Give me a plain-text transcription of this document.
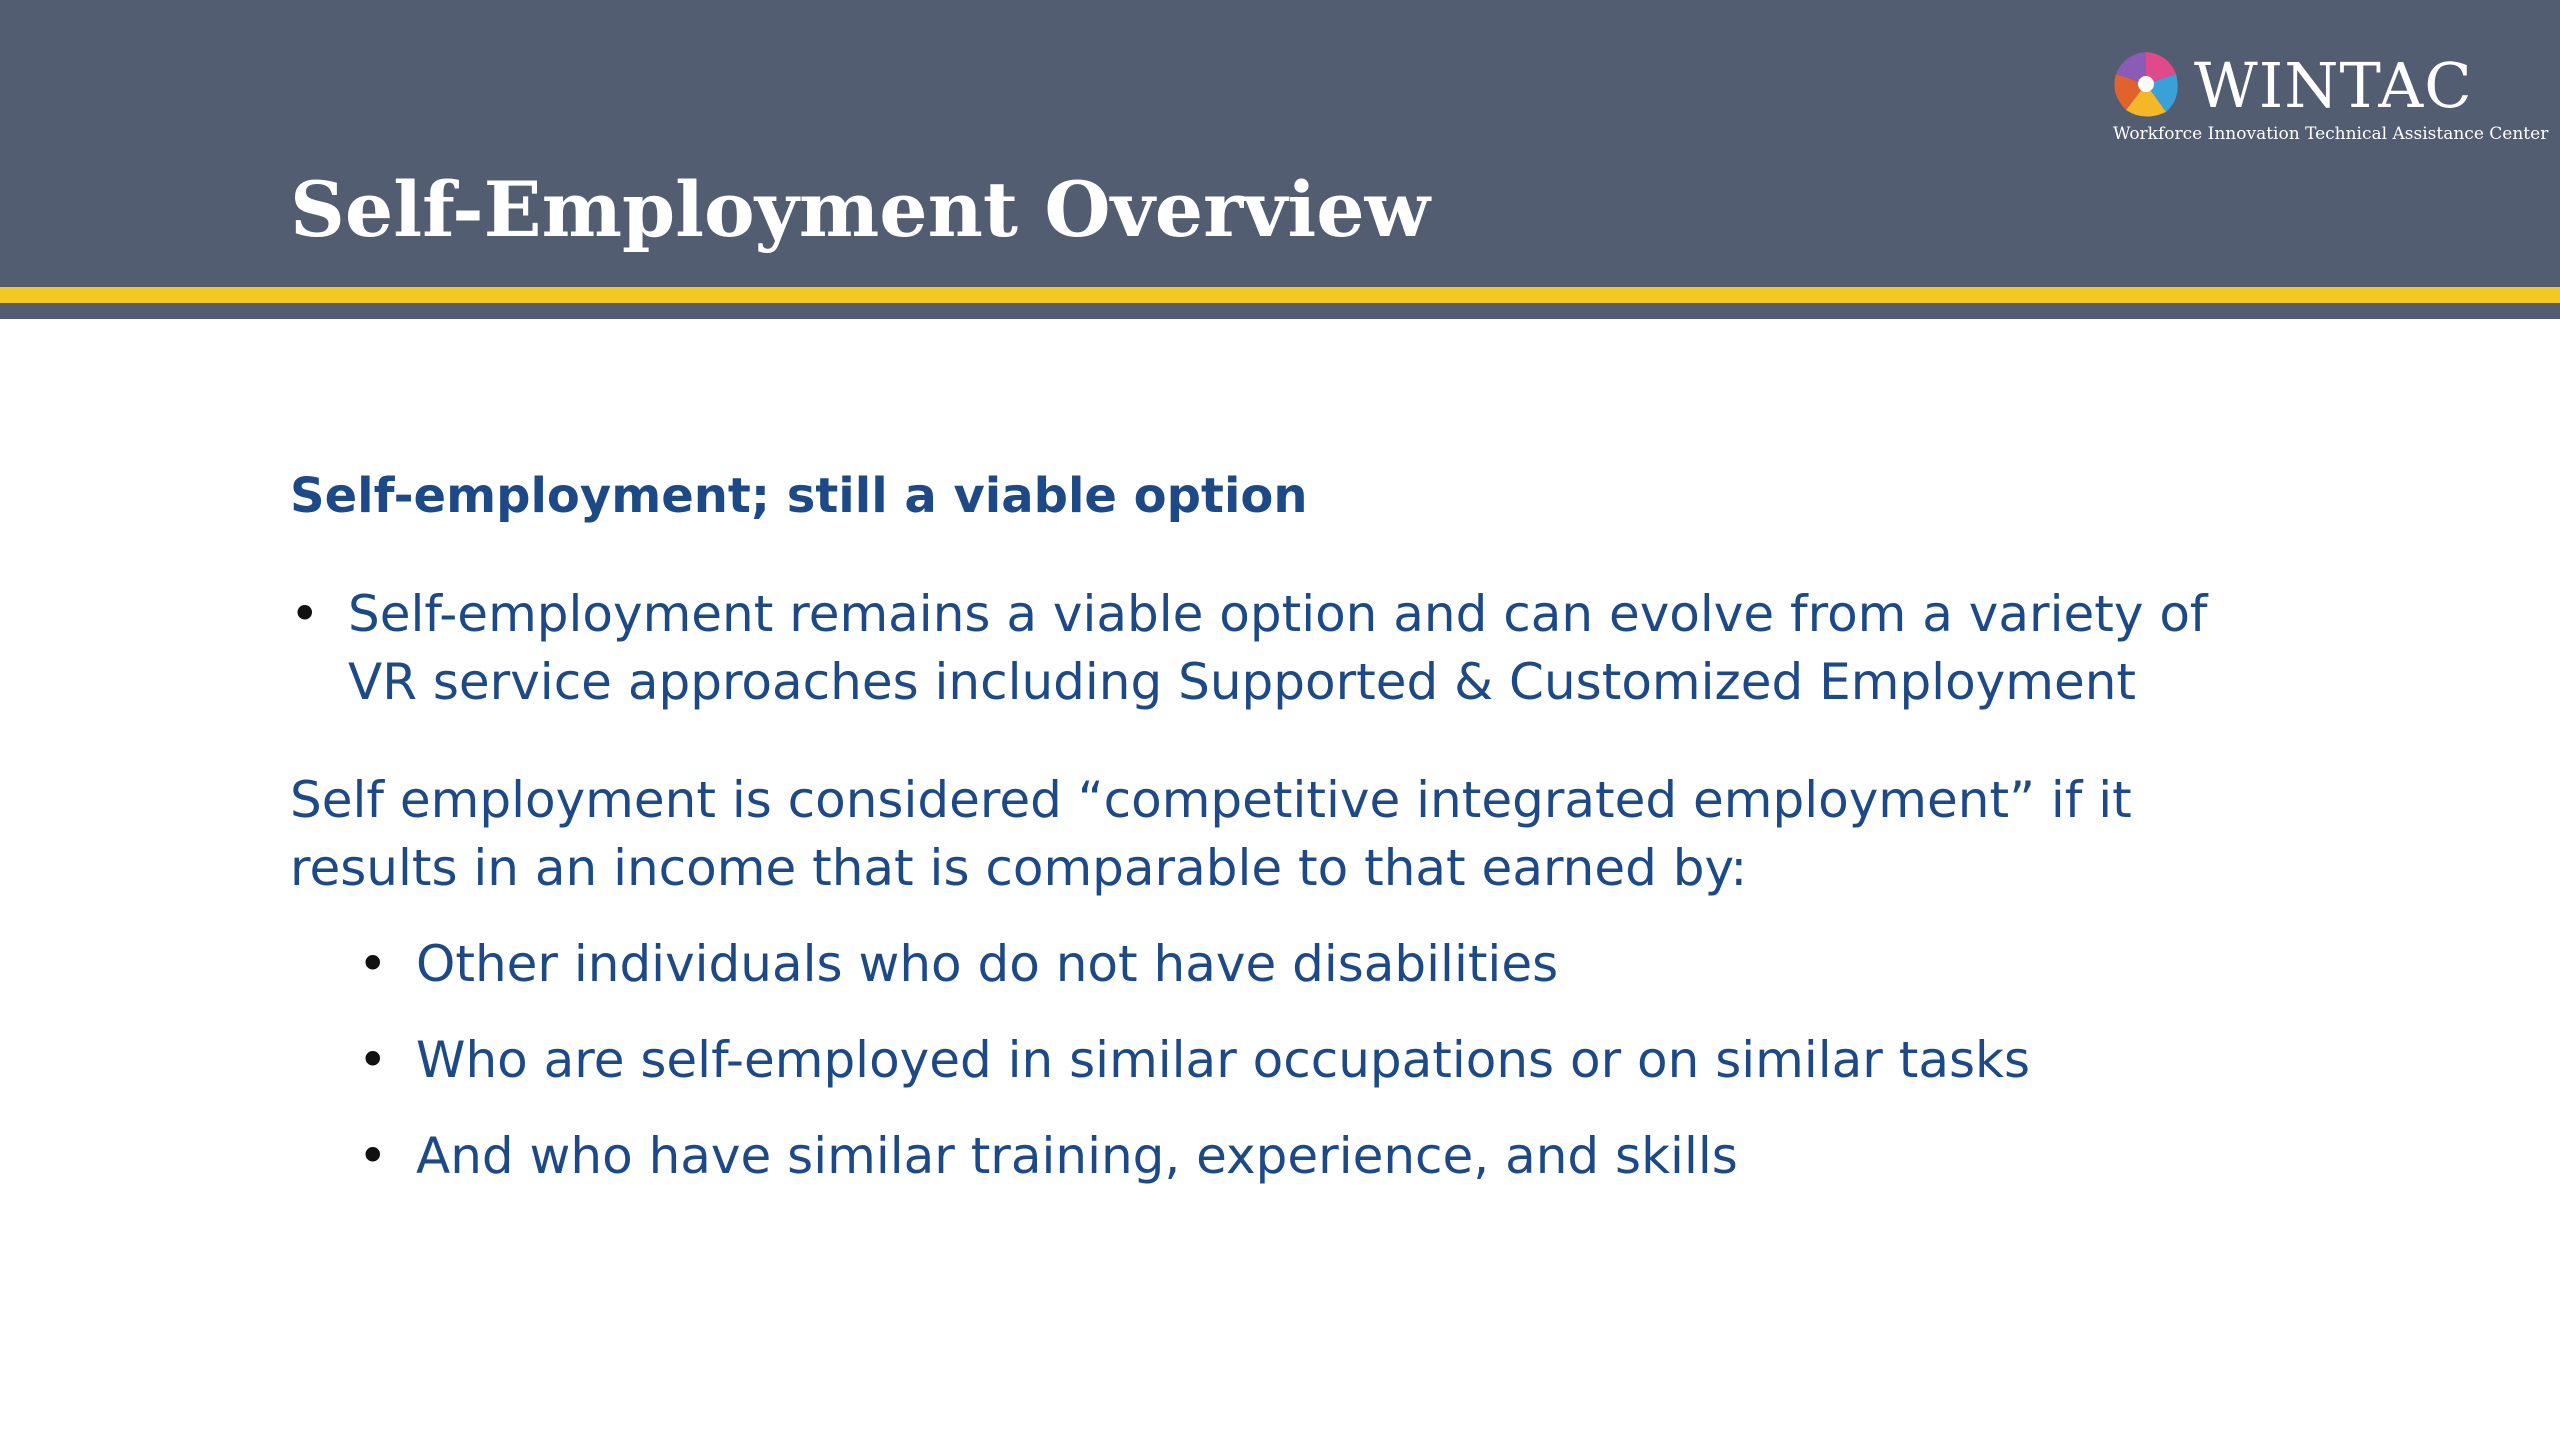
Self-Employment Overview
WINTAC
Workforce Innovation Technical Assistance Center
Self-employment; still a viable option
• Self-employment remains a viable option and can evolve from a variety of
VR service approaches including Supported & Customized Employment

Self employment is considered “competitive integrated employment” if it

results in an income that is comparable to that earned by:

• Other individuals who do not have disabilities
• Who are self-employed in similar occupations or on similar tasks
• And who have similar training, experience, and skills
